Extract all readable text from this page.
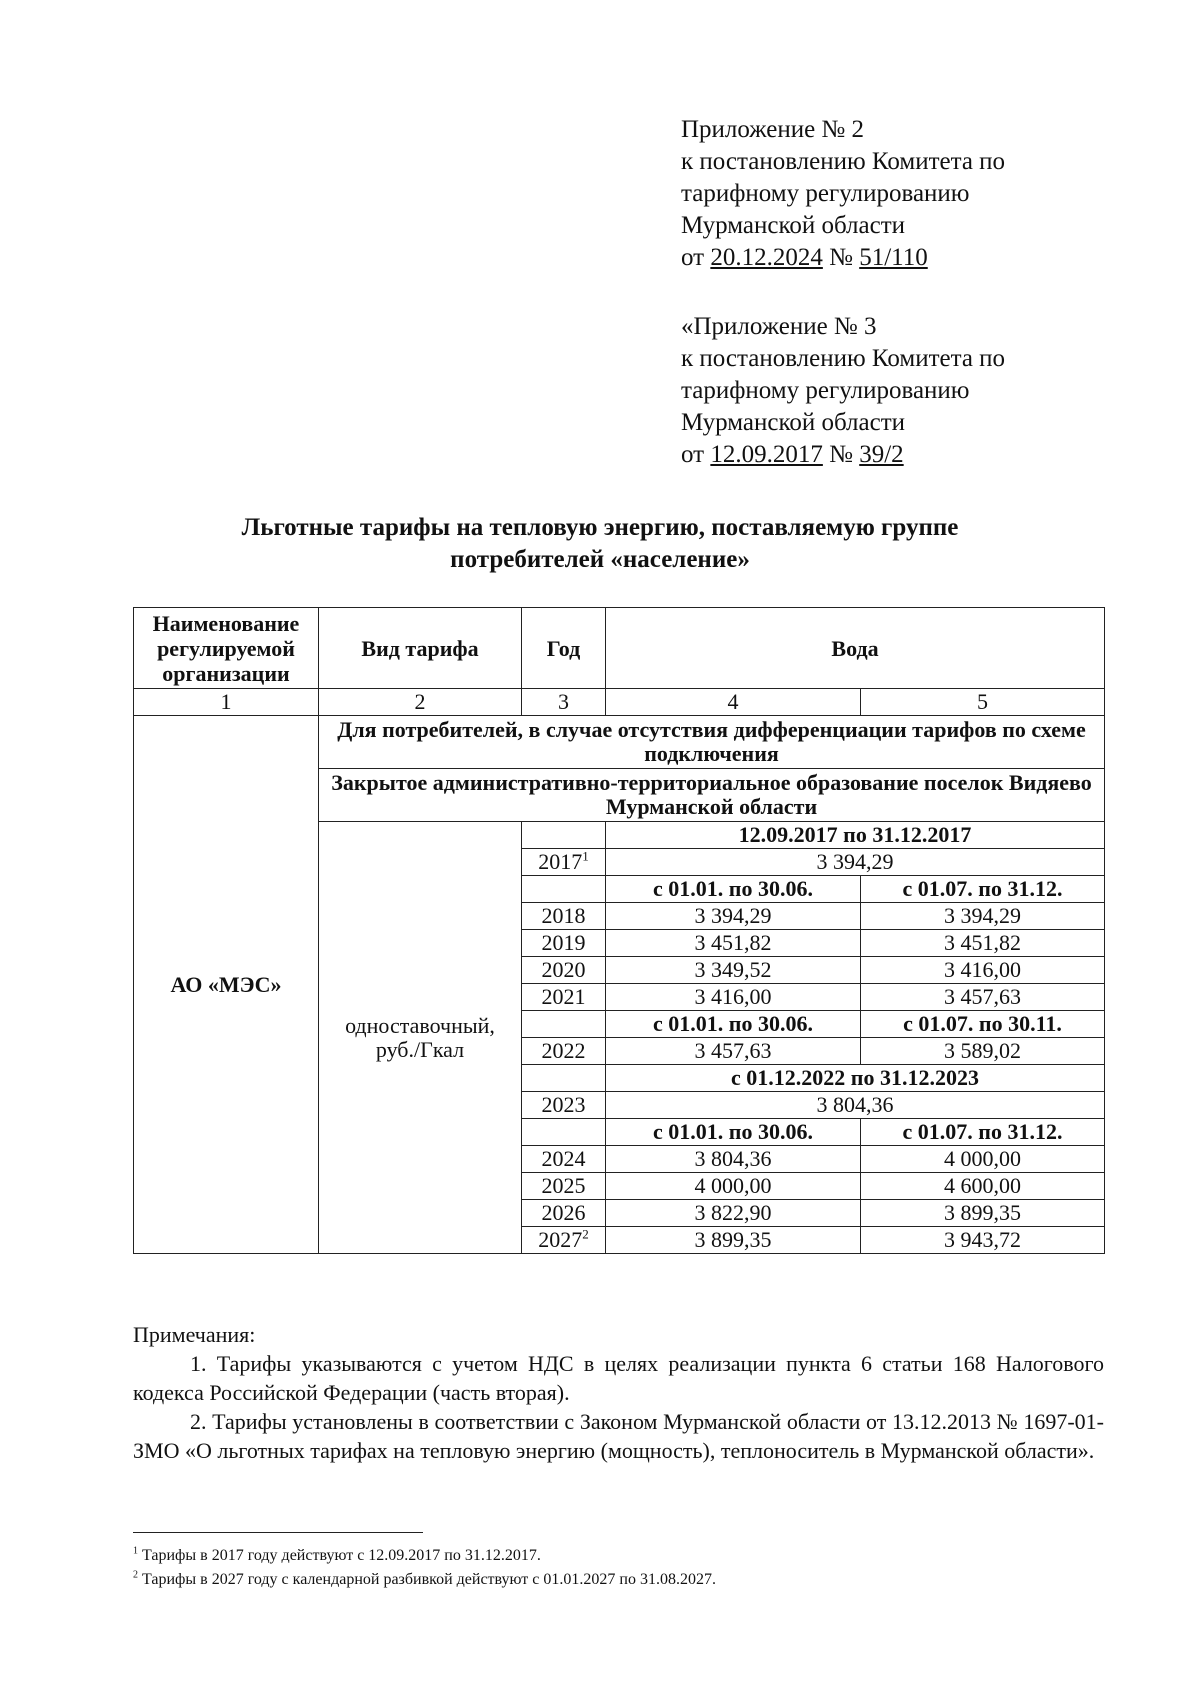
Приложение № 2
к постановлению Комитета по
тарифному регулированию
Мурманской области
от 20.12.2024 № 51/110
«Приложение № 3
к постановлению Комитета по
тарифному регулированию
Мурманской области
от 12.09.2017 № 39/2
Льготные тарифы на тепловую энергию, поставляемую группе
потребителей «население»
Наименование регулируемой организации	Вид тарифа	Год	Вода	
1	2	3	4	5
АО «МЭС»	Для потребителей, в случае отсутствия дифференциации тарифов по схеме подключения			
	Закрытое административно-территориальное образование поселок Видяево Мурманской области			

	одноставочный,
руб./Гкал		12.09.2017 по 31.12.2017	
		2017$^1$	3 394,29	
			с 01.01. по 30.06.	с 01.07. по 31.12.
		2018	3 394,29	3 394,29
		2019	3 451,82	3 451,82
		2020	3 349,52	3 416,00
		2021	3 416,00	3 457,63
			с 01.01. по 30.06.	с 01.07. по 30.11.
		2022	3 457,63	3 589,02
			с 01.12.2022 по 31.12.2023	
		2023	3 804,36	
			с 01.01. по 30.06.	с 01.07. по 31.12.
		2024	3 804,36	4 000,00
		2025	4 000,00	4 600,00
		2026	3 822,90	3 899,35
		2027$^2$	3 899,35	3 943,72

Примечания:

1. Тарифы указываются с учетом НДС в целях реализации пункта 6 статьи 168 Налогового кодекса Российской Федерации (часть вторая).

2. Тарифы установлены в соответствии с Законом Мурманской области от 13.12.2013 № 1697-01-ЗМО «О льготных тарифах на тепловую энергию (мощность), теплоноситель в Мурманской области».

$^1$ Тарифы в 2017 году действуют с 12.09.2017 по 31.12.2017.
$^2$ Тарифы в 2027 году с календарной разбивкой действуют с 01.01.2027 по 31.08.2027.
